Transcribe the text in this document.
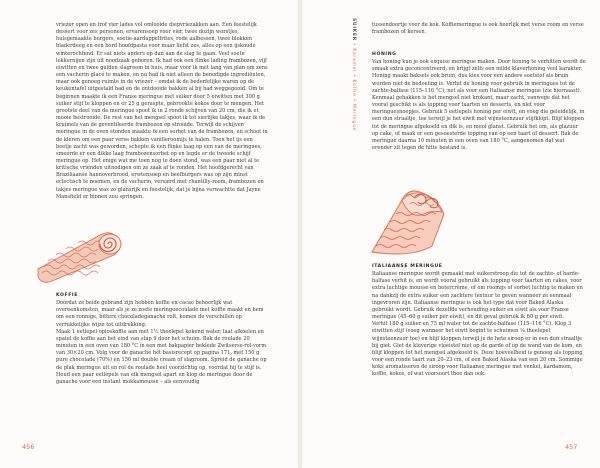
vriezer open en trof vier lades vol omlooide diepvriezakken aan. Een feestelijk dessert voor zes personen, ervarensoep voor vier, twee dozijn worstjes, hulsgemaakte burgers, soetie-aardappelfrites, rode aalbessen, twee blokken bladerdeeg en een bord hoofdpasta voor maar liefst zes, alles op een ijskoude winterochtend. Er sat niets anders op dan aan de slag te gaan. Veel soete lekkernijen zijn uit noodzaak geboren. Ik had ook een flinke lading frambozen, vijf eiwitten en twee gulden slagroom in huis, maar voor ik met lang van plan om zens een vacherin glacé te maken, en nu had ik niet alleen de benodigde ingrediënten, maar ook genoeg ruimte in de vriezer – omdat ik de bederfelijke waren op de keukentafel uitgestald had en de ontdooide bakken al bij had weggegooid. Om te beginnen maakte ik een Franse meringue met suiker door 5 eiwitten met 300 g suiker stijf te kloppen en er 25 g geraspte, gebrookte kokos door te mengen. Het grootste deel van de meringue spoot ik in 2 ronde schijven van 20 cm, die ik et mooie bestrooide. De rest van het mengsel spoot ik tot sierlijke takjes, waar ik de kruimels van de geventileerde frambozen op strooide. Terwijl de schijven meringue in de oven stonden maakte ik een sorbet van de frambozen, en schoot in de kleren om een paar verse bakken vanilleroomijs te halen. Toen het ijs een beetje zacht was geworden, schepte ik een flinke laag op een van de meringues, smeerde er een dikke laag frambozensorbet op en legde er de tweede schijf meringue op. Het enige wat me toen nog te doen stond, was een paar niet al te kritische vrienden uitnodigen om ze zaak af te ronden. Het hoofdgerecht van Braziliaanse hannoverbrood, erwtensoep en beefburgers was op zijn minst eclectisch te noemen, en de vacherin, versierd met chantilly-room, frambozen en takjes meringue was zo glansrijk en feestelijk, dat je bijna verwachtte dat Jayne Mansfield er binnen zou springen.

KOFFIE

Doordat ze beide gebrand zijn hebben koffie en cacao behoorlijk wat overeenkomsten, maar als je ze zoete meringuecoulade met koffie maakt en hem om een ronnige, bittere chocoladeganache rolt, komen de verschillen op verrukkelijke wijze tot uitdrukking.

Maak 1 eetlepel oploskoffie aan met 1½ theelepel kokend water, laat afkoelen en spatel de koffie aan het eind van stap 9 door het schuim. Bak de roulade 20 minuten in een oven van 180 °C in een met bakpapier beklede Zwitserse-rol-vorm van 30×20 cm. Volg voor de ganache het basisrecept op pagina 171, met 150 g pure chocolade (70%) en 150 ml double cream of slagroom. Spreid de ganache op de plak meringue uit en rol de roulade heel voorzichtig op, voordat hij te stijf is. Houd een paar eetlepels van elk mengsel apart en klop de meringue door de ganache voor een instant mokkamousse – als eenvoudig

456
SUIKER•Karamel•Koffie•Meringue

tussendoortje voor de kok. Koffiemeringue is ook heerlijk met verse room en verse frambozen of kersen.

HONING

Van honing kun je ook exquise meringue maken. Door honing te verhitten wordt de smaak extra geconcentreerd, en krijgt zelfs een milde klaverhoning veel karakter. Honing maakt baksels ook bruin, dus kies voor een andere soetstof als bruin worden niet de bedoeling is. Verhit de honing voor gebruik in meringues tot de zachte-balfase (115–116 °C), net als voor een Italiaanse meringue (zie hiernaast). Kenmaal gebakken is het mengsel niet krokant, maar zacht, vanwege dat het vooral geschikt is als topping voor taarten en desserts, en niet voor meringuesnoepjes. Gebruik 5 eetlepels honing per eiwit, en voeg die geleidelijk, in een dun straaltje, toe terwijl je het eiwit met wijnsteenzuur stijfklopt. Blijf kloppen tot de meringue afgekoeld en dik is, en mooi glanst. Gebruik het om, als glazuur op cake, of maak er een gesoesterde topping van op een taart of dessert. Bak de meringue daarna 10 minuten in een oven van 180 °C, aangenomen dat wat eronder zit tegen de hitte bestand is.

ITALIAANSE MERINGUE

Italiaanse meringue wordt gemaakt met suikerstroop die tot de zachte- of harde-balfase verhit is, en wordt vooral gebruikt als topping voor taarten en cakes, voor extra luchtige mousse en botercrème, of om roomijs of sorbet luchtig te maken en na dankzij de extra suiker een zachtere textuur te geven wanneer ze eenmaal ingevroren zijn. Italiaanse meringue is ook het type dat voor Baked Alaska gebruikt wordt. Gebruik dezelfde verhouding suiker en eiwit als voor Franse meringue (45–60 g suiker per eiwit), en dit geval gebruik ik 60 g per eiwit.

Verhit 180 g suiker en 75 ml water tot de zachte-balfase (115–116 °C). Klop 3 eiwitten stijf (voeg wanneer het eiwit begint te schuimen ⅛ theelepel wijnsteenzuur toe) en blijf kloppen terwijl je de hete siroop er in een dun straaltje bij giet. Giet de kleverige vloeistof niet op de garde of op de wand van de kom, en blijf kloppen tot het mengsel afgekoeld is. Deze hoeveelheid is genoeg als topping voor een ronde taart van 20–23 cm, of een Baked Alaska van een 20 cm. Sommige koks aromatiseren de siroop voor Italiaanse meringue met venkel, kardamom, koffie, kokos, of wat voorsoort thee dan ook.

457
